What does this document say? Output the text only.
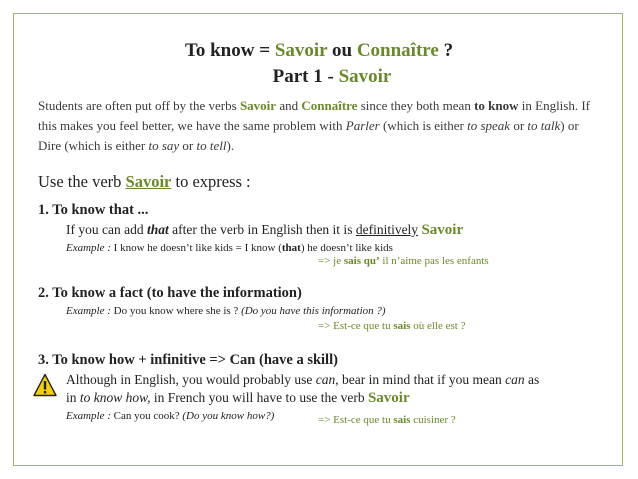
To know = Savoir ou Connaître ?
Part 1 - Savoir
Students are often put off by the verbs Savoir and Connaître since they both mean to know in English. If this makes you feel better, we have the same problem with Parler (which is either to speak or to talk) or Dire (which is either to say or to tell).
Use the verb Savoir to express :
1. To know that ...
If you can add that after the verb in English then it is definitively Savoir
Example : I know he doesn’t like kids = I know (that) he doesn’t like kids
=> je sais qu’ il n’aime pas les enfants
2. To know a fact (to have the information)
Example : Do you know where she is ? (Do you have this information ?)
=> Est-ce que tu sais où elle est ?
3. To know how + infinitive => Can (have a skill)
Although in English, you would probably use can, bear in mind that if you mean can as
in to know how, in French you will have to use the verb Savoir
Example : Can you cook? (Do you know how?)	=> Est-ce que tu sais cuisiner ?
